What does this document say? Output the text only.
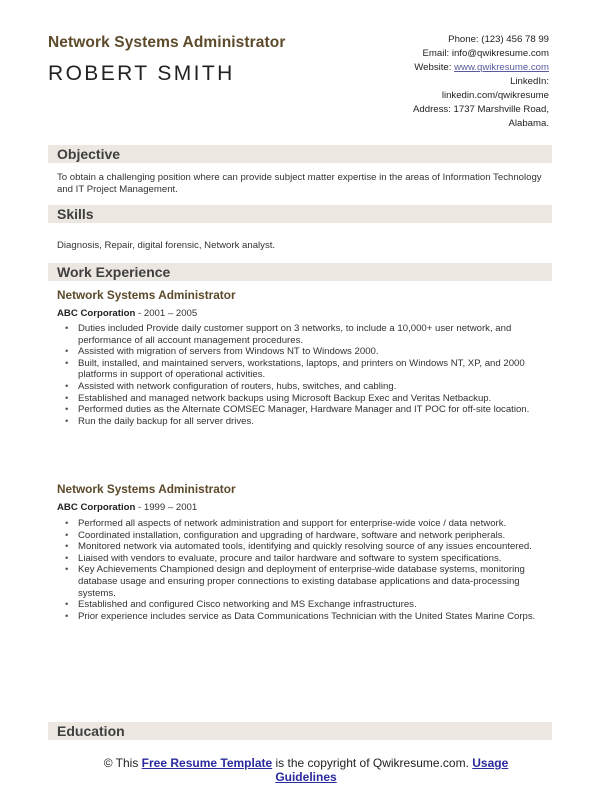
Network Systems Administrator
ROBERT SMITH
Phone: (123) 456 78 99
Email: info@qwikresume.com
Website: www.qwikresume.com
LinkedIn:
linkedin.com/qwikresume
Address: 1737 Marshville Road,
Alabama.
Objective
To obtain a challenging position where can provide subject matter expertise in the areas of Information Technology and IT Project Management.
Skills
Diagnosis, Repair, digital forensic, Network analyst.
Work Experience
Network Systems Administrator
ABC Corporation - 2001 – 2005
• Duties included Provide daily customer support on 3 networks, to include a 10,000+ user network, and performance of all account management procedures.
• Assisted with migration of servers from Windows NT to Windows 2000.
• Built, installed, and maintained servers, workstations, laptops, and printers on Windows NT, XP, and 2000 platforms in support of operational activities.
• Assisted with network configuration of routers, hubs, switches, and cabling.
• Established and managed network backups using Microsoft Backup Exec and Veritas Netbackup.
• Performed duties as the Alternate COMSEC Manager, Hardware Manager and IT POC for off-site location.
• Run the daily backup for all server drives.
Network Systems Administrator
ABC Corporation - 1999 – 2001
• Performed all aspects of network administration and support for enterprise-wide voice / data network.
• Coordinated installation, configuration and upgrading of hardware, software and network peripherals.
• Monitored network via automated tools, identifying and quickly resolving source of any issues encountered.
• Liaised with vendors to evaluate, procure and tailor hardware and software to system specifications.
• Key Achievements Championed design and deployment of enterprise-wide database systems, monitoring database usage and ensuring proper connections to existing database applications and data-processing systems.
• Established and configured Cisco networking and MS Exchange infrastructures.
• Prior experience includes service as Data Communications Technician with the United States Marine Corps.
Education
© This Free Resume Template is the copyright of Qwikresume.com. Usage
Guidelines
